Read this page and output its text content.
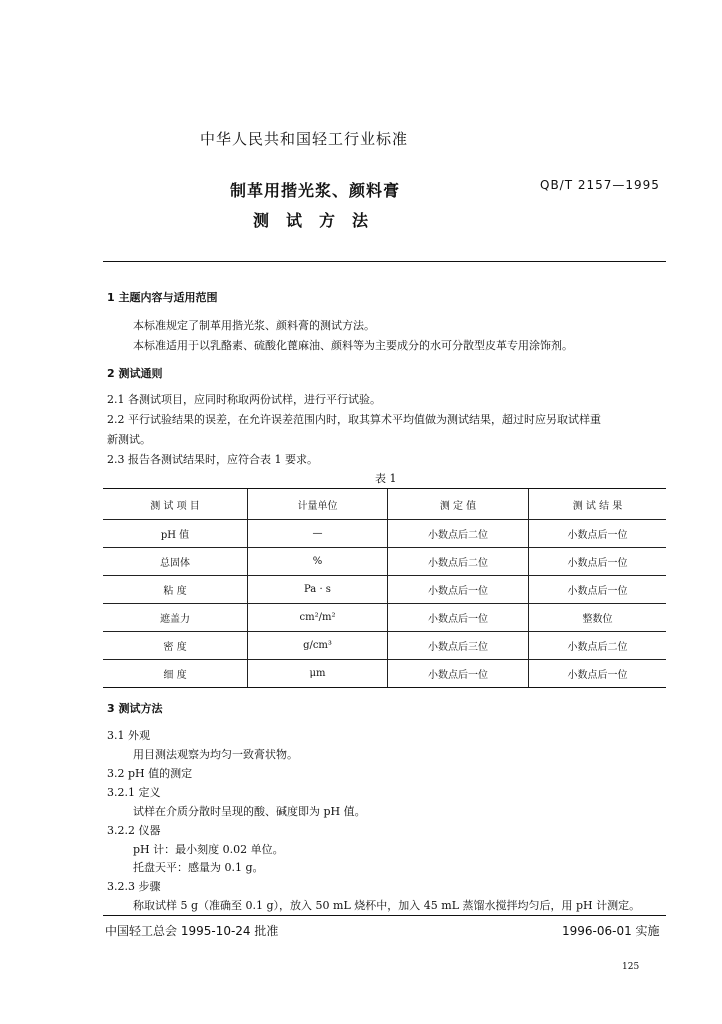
中华人民共和国轻工行业标准
制革用揩光浆、颜料膏
测试方法
QB/T 2157—1995
1 主题内容与适用范围
本标准规定了制革用揩光浆、颜料膏的测试方法。
本标准适用于以乳酪素、硫酸化蓖麻油、颜料等为主要成分的水可分散型皮革专用涂饰剂。
2 测试通则
2.1 各测试项目，应同时称取两份试样，进行平行试验。
2.2 平行试验结果的误差，在允许误差范围内时，取其算术平均值做为测试结果，超过时应另取试样重
新测试。
2.3 报告各测试结果时，应符合表 1 要求。
表 1
测 试 项 目	计量单位	测 定 值	测 试 结 果
pH 值	—	小数点后二位	小数点后一位
总固体	%	小数点后二位	小数点后一位
粘 度	Pa · s	小数点后一位	小数点后一位
遮盖力	cm²/m²	小数点后一位	整数位
密 度	g/cm³	小数点后三位	小数点后二位
细 度	μm	小数点后一位	小数点后一位
3 测试方法
3.1 外观
用目测法观察为均匀一致膏状物。
3.2 pH 值的测定
3.2.1 定义
试样在介质分散时呈现的酸、碱度即为 pH 值。
3.2.2 仪器
pH 计：最小刻度 0.02 单位。
托盘天平：感量为 0.1 g。
3.2.3 步骤
称取试样 5 g（准确至 0.1 g），放入 50 mL 烧杯中，加入 45 mL 蒸馏水搅拌均匀后，用 pH 计测定。
中国轻工总会 1995-10-24 批准	1996-06-01 实施
125
